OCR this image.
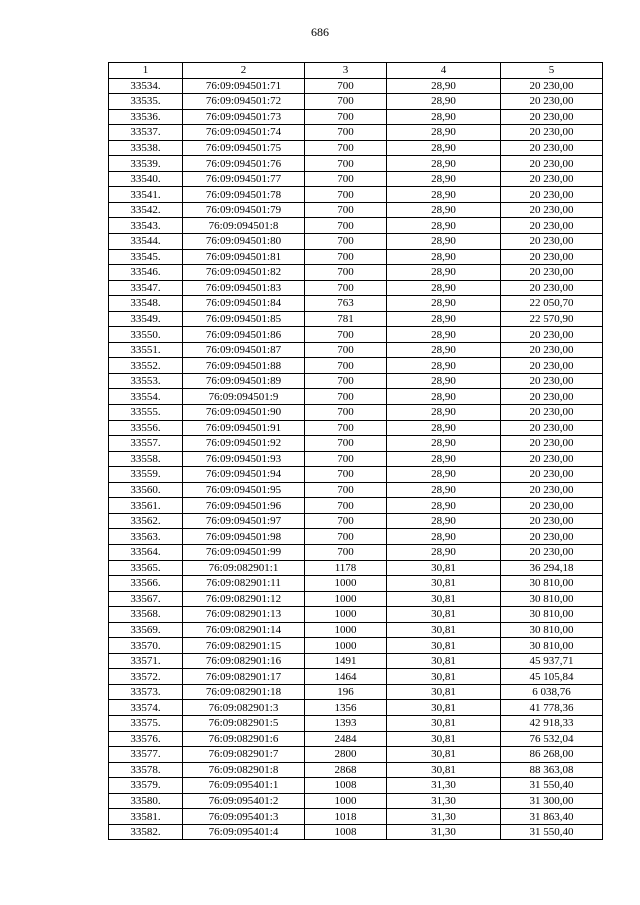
686
1	2	3	4	5
33534.	76:09:094501:71	700	28,90	20 230,00
33535.	76:09:094501:72	700	28,90	20 230,00
33536.	76:09:094501:73	700	28,90	20 230,00
33537.	76:09:094501:74	700	28,90	20 230,00
33538.	76:09:094501:75	700	28,90	20 230,00
33539.	76:09:094501:76	700	28,90	20 230,00
33540.	76:09:094501:77	700	28,90	20 230,00
33541.	76:09:094501:78	700	28,90	20 230,00
33542.	76:09:094501:79	700	28,90	20 230,00
33543.	76:09:094501:8	700	28,90	20 230,00
33544.	76:09:094501:80	700	28,90	20 230,00
33545.	76:09:094501:81	700	28,90	20 230,00
33546.	76:09:094501:82	700	28,90	20 230,00
33547.	76:09:094501:83	700	28,90	20 230,00
33548.	76:09:094501:84	763	28,90	22 050,70
33549.	76:09:094501:85	781	28,90	22 570,90
33550.	76:09:094501:86	700	28,90	20 230,00
33551.	76:09:094501:87	700	28,90	20 230,00
33552.	76:09:094501:88	700	28,90	20 230,00
33553.	76:09:094501:89	700	28,90	20 230,00
33554.	76:09:094501:9	700	28,90	20 230,00
33555.	76:09:094501:90	700	28,90	20 230,00
33556.	76:09:094501:91	700	28,90	20 230,00
33557.	76:09:094501:92	700	28,90	20 230,00
33558.	76:09:094501:93	700	28,90	20 230,00
33559.	76:09:094501:94	700	28,90	20 230,00
33560.	76:09:094501:95	700	28,90	20 230,00
33561.	76:09:094501:96	700	28,90	20 230,00
33562.	76:09:094501:97	700	28,90	20 230,00
33563.	76:09:094501:98	700	28,90	20 230,00
33564.	76:09:094501:99	700	28,90	20 230,00
33565.	76:09:082901:1	1178	30,81	36 294,18
33566.	76:09:082901:11	1000	30,81	30 810,00
33567.	76:09:082901:12	1000	30,81	30 810,00
33568.	76:09:082901:13	1000	30,81	30 810,00
33569.	76:09:082901:14	1000	30,81	30 810,00
33570.	76:09:082901:15	1000	30,81	30 810,00
33571.	76:09:082901:16	1491	30,81	45 937,71
33572.	76:09:082901:17	1464	30,81	45 105,84
33573.	76:09:082901:18	196	30,81	6 038,76
33574.	76:09:082901:3	1356	30,81	41 778,36
33575.	76:09:082901:5	1393	30,81	42 918,33
33576.	76:09:082901:6	2484	30,81	76 532,04
33577.	76:09:082901:7	2800	30,81	86 268,00
33578.	76:09:082901:8	2868	30,81	88 363,08
33579.	76:09:095401:1	1008	31,30	31 550,40
33580.	76:09:095401:2	1000	31,30	31 300,00
33581.	76:09:095401:3	1018	31,30	31 863,40
33582.	76:09:095401:4	1008	31,30	31 550,40
